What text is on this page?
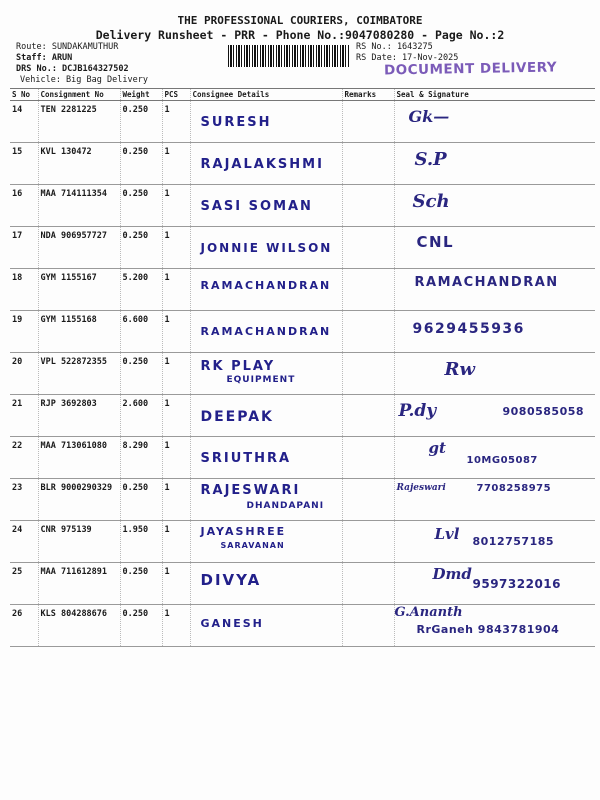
THE PROFESSIONAL COURIERS, COIMBATORE
Delivery Runsheet - PRR - Phone No.:9047080280 - Page No.:2
Route: SUNDAKAMUTHUR
Staff: ARUN
DRS No.: DCJB164327502
Vehicle: Big Bag Delivery
RS No.: 1643275
RS Date: 17-Nov-2025
DOCUMENT DELIVERY
S No	Consignment No	Weight	PCS	Consignee Details	Remarks	Seal & Signature
14	TEN 2281225	0.250	1	SURESH		Gk—

15	KVL 130472	0.250	1	RAJALAKSHMI		S.P

16	MAA 714111354	0.250	1	SASI SOMAN		Sch

17	NDA 906957727	0.250	1	JONNIE WILSON		CNL

18	GYM 1155167	5.200	1	RAMACHANDRAN		RAMACHANDRAN

19	GYM 1155168	6.600	1	RAMACHANDRAN		9629455936

20	VPL 522872355	0.250	1	RK PLAY
EQUIPMENT		Rw

21	RJP 3692803	2.600	1	DEEPAK		P.dy 9080585058

22	MAA 713061080	8.290	1	SRIUTHRA		gt
10MG05087

23	BLR 9000290329	0.250	1	RAJESWARI
DHANDAPANI		Rajeswari 7708258975

24	CNR 975139	1.950	1	JAYASHREE
SARAVANAN		Lvl 8012757185

25	MAA 711612891	0.250	1	DIVYA		Dmd
9597322016

26	KLS 804288676	0.250	1	GANESH		G.Ananth
RrGaneh 9843781904
